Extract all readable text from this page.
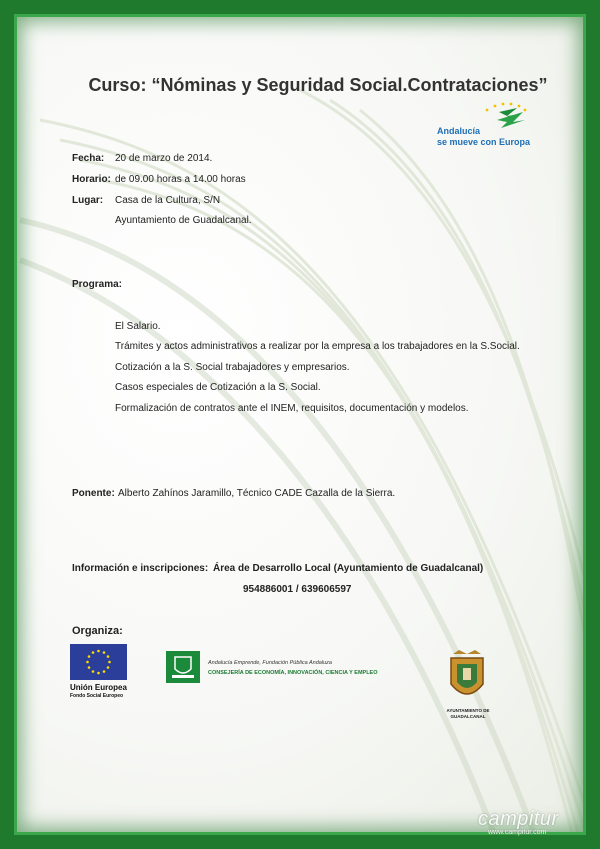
Curso: “Nóminas y Seguridad Social.Contrataciones”
Andalucía
se mueve con Europa
Fecha: 20 de marzo de 2014.
Horario: de 09.00 horas a 14.00 horas
Lugar: Casa de la Cultura, S/N
Ayuntamiento de Guadalcanal.
Programa:
El Salario.
Trámites y actos administrativos a realizar por la empresa a los trabajadores en la S.Social.
Cotización a la S. Social trabajadores y empresarios.
Casos especiales de Cotización a la S. Social.
Formalización de contratos ante el INEM, requisitos, documentación y modelos.
Ponente: Alberto Zahínos Jaramillo, Técnico CADE Cazalla de la Sierra.
Información e inscripciones: Área de Desarrollo Local (Ayuntamiento de Guadalcanal)
954886001 / 639606597
Organiza:
Unión Europea
Fondo Social Europeo
Andalucía Emprende, Fundación Pública Andaluza
CONSEJERÍA DE ECONOMÍA, INNOVACIÓN, CIENCIA Y EMPLEO
AYUNTAMIENTO DE
GUADALCANAL
campitur
www.campitur.com
